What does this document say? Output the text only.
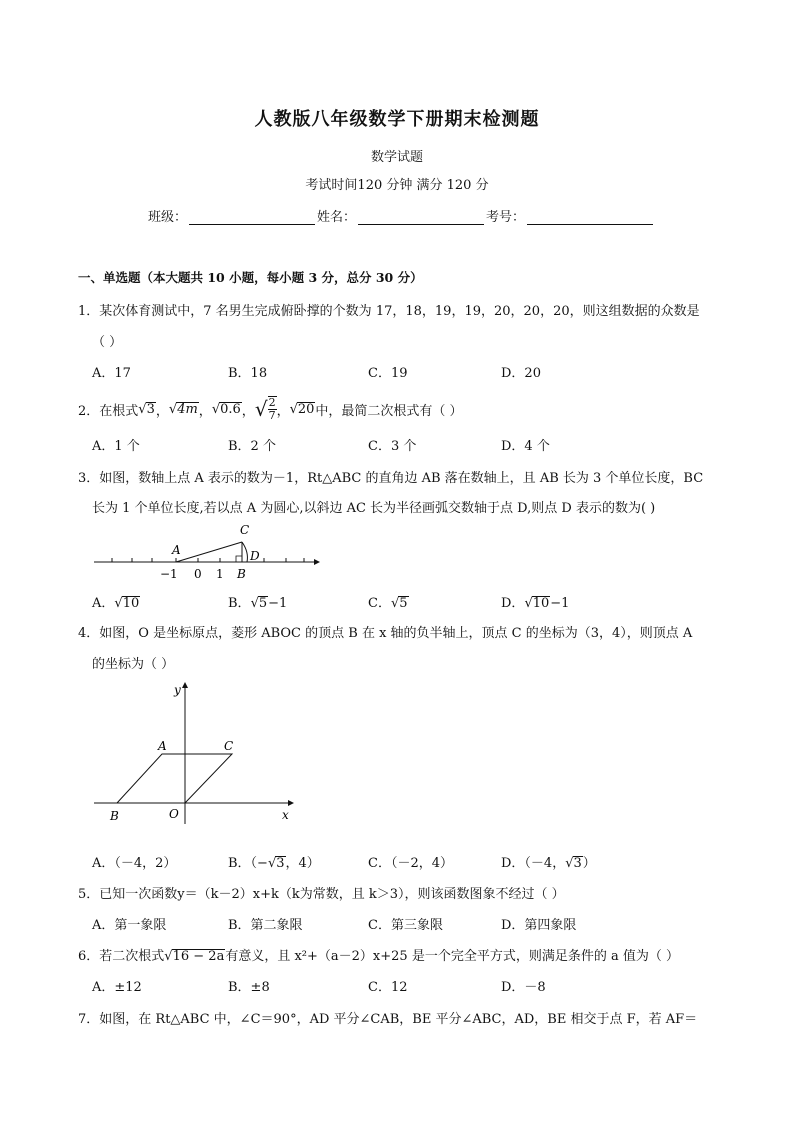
人教版八年级数学下册期末检测题
数学试题
考试时间120 分钟 满分 120 分
班级：	姓名：	考号：
一、单选题（本大题共 10 小题，每小题 3 分，总分 30 分）
1．某次体育测试中，7 名男生完成俯卧撑的个数为 17，18，19，19，20，20，20，则这组数据的众数是
（ ）
A．17	B．18	C．19	D．20
2． 在根式 √ 3 ， √ 4m ， √ 0.6 ， √ $\frac{2}{7}$ ， √ 20 中，最简二次根式有（ ）
A．1 个	B．2 个	C．3 个	D．4 个
3．如图，数轴上点 A 表示的数为－1，Rt△ABC 的直角边 AB 落在数轴上，且 AB 长为 3 个单位长度，BC
长为 1 个单位长度,若以点 A 为圆心,以斜边 AC 长为半径画弧交数轴于点 D,则点 D 表示的数为( )
A
C
D
B
−1 0 1
A．√10	B．√5−1	C．√5	D．√10−1
4．如图，O 是坐标原点，菱形 ABOC 的顶点 B 在 x 轴的负半轴上，顶点 C 的坐标为（3，4），则顶点 A
的坐标为（ ）
y
A	C
B	O	x
A．（－4，2）	B．（−√3，4）	C．（－2，4）	D．（－4，√3）
5．已知一次函数y＝（k－2）x+k（k为常数，且 k＞3），则该函数图象不经过（ ）
A．第一象限	B．第二象限	C．第三象限	D．第四象限
6．若二次根式√16 − 2a有意义，且 x²+（a－2）x+25 是一个完全平方式，则满足条件的 a 值为（ ）
A．±12	B．±8	C．12	D．－8
7．如图，在 Rt△ABC 中，∠C＝90°，AD 平分∠CAB，BE 平分∠ABC，AD，BE 相交于点 F，若 AF＝
